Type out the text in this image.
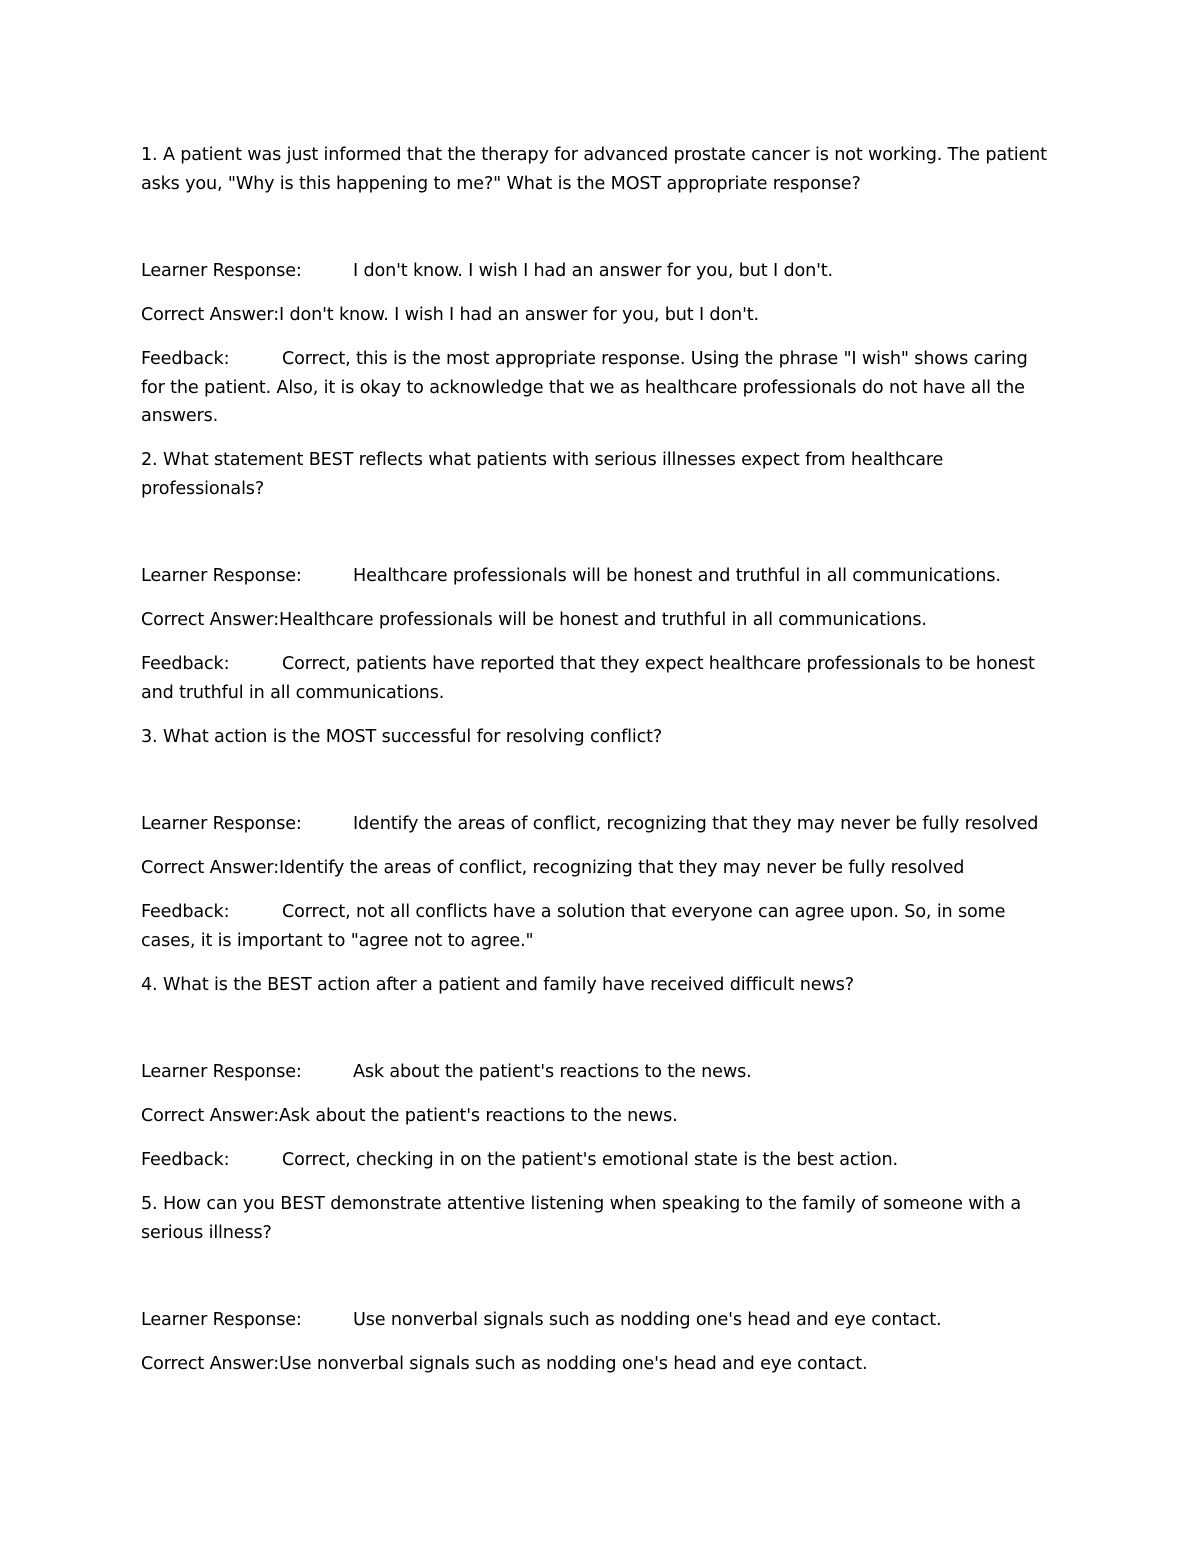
1. A patient was just informed that the therapy for advanced prostate cancer is not working. The patient asks you, "Why is this happening to me?" What is the MOST appropriate response?

Learner Response:	I don't know. I wish I had an answer for you, but I don't.

Correct Answer:I don't know. I wish I had an answer for you, but I don't.

Feedback:	Correct, this is the most appropriate response. Using the phrase "I wish" shows caring for the patient. Also, it is okay to acknowledge that we as healthcare professionals do not have all the answers.

2. What statement BEST reflects what patients with serious illnesses expect from healthcare professionals?

Learner Response:	Healthcare professionals will be honest and truthful in all communications.

Correct Answer:Healthcare professionals will be honest and truthful in all communications.

Feedback:	Correct, patients have reported that they expect healthcare professionals to be honest and truthful in all communications.

3. What action is the MOST successful for resolving conflict?

Learner Response:	Identify the areas of conflict, recognizing that they may never be fully resolved

Correct Answer:Identify the areas of conflict, recognizing that they may never be fully resolved

Feedback:	Correct, not all conflicts have a solution that everyone can agree upon. So, in some cases, it is important to "agree not to agree."

4. What is the BEST action after a patient and family have received difficult news?

Learner Response:	Ask about the patient's reactions to the news.

Correct Answer:Ask about the patient's reactions to the news.

Feedback:	Correct, checking in on the patient's emotional state is the best action.

5. How can you BEST demonstrate attentive listening when speaking to the family of someone with a serious illness?

Learner Response:	Use nonverbal signals such as nodding one's head and eye contact.

Correct Answer:Use nonverbal signals such as nodding one's head and eye contact.
